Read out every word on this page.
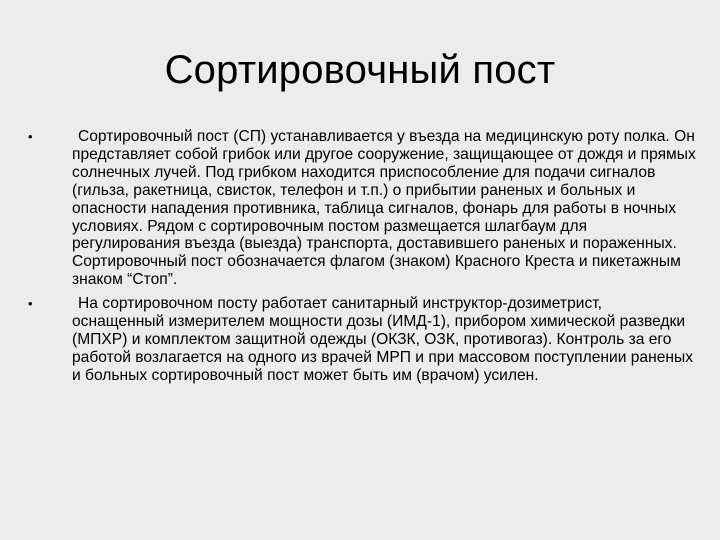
Сортировочный пост
•	Сортировочный пост (СП) устанавливается у въезда на медицинскую роту полка. Он представляет собой грибок или другое сооружение, защищающее от дождя и прямых солнечных лучей. Под грибком находится приспособление для подачи сигналов (гильза, ракетница, свисток, телефон и т.п.) о прибытии раненых и больных и опасности нападения противника, таблица сигналов, фонарь для работы в ночных условиях. Рядом с сортировочным постом размещается шлагбаум для регулирования въезда (выезда) транспорта, доставившего раненых и пораженных. Сортировочный пост обозначается флагом (знаком) Красного Креста и пикетажным знаком “Стоп”.
•	На сортировочном посту работает санитарный инструктор-дозиметрист, оснащенный измерителем мощности дозы (ИМД-1), прибором химической разведки (МПХР) и комплектом защитной одежды (ОКЗК, ОЗК, противогаз). Контроль за его работой возлагается на одного из врачей МРП и при массовом поступлении раненых и больных сортировочный пост может быть им (врачом) усилен.
